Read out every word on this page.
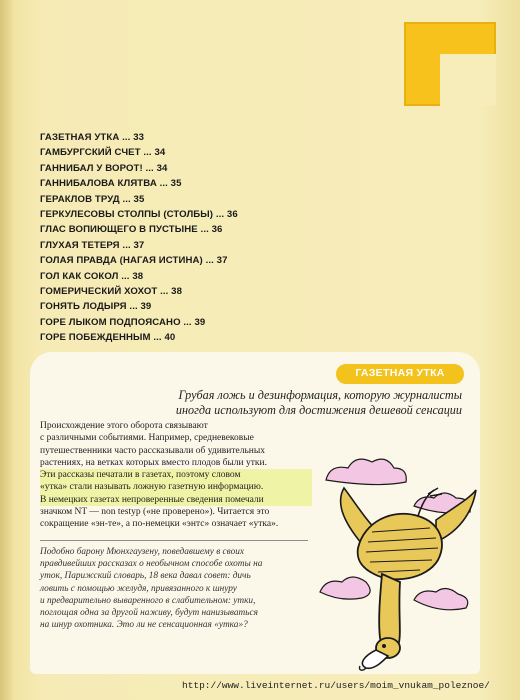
ГАЗЕТНАЯ УТКА ... 33
ГАМБУРГСКИЙ СЧЕТ ... 34
ГАННИБАЛ У ВОРОТ! ... 34
ГАННИБАЛОВА КЛЯТВА ... 35
ГЕРАКЛОВ ТРУД ... 35
ГЕРКУЛЕСОВЫ СТОЛПЫ (СТОЛБЫ) ... 36
ГЛАС ВОПИЮЩЕГО В ПУСТЫНЕ ... 36
ГЛУХАЯ ТЕТЕРЯ ... 37
ГОЛАЯ ПРАВДА (НАГАЯ ИСТИНА) ... 37
ГОЛ КАК СОКОЛ ... 38
ГОМЕРИЧЕСКИЙ ХОХОТ ... 38
ГОНЯТЬ ЛОДЫРЯ ... 39
ГОРЕ ЛЫКОМ ПОДПОЯСАНО ... 39
ГОРЕ ПОБЕЖДЕННЫМ ... 40
ГАЗЕТНАЯ УТКА
Грубая ложь и дезинформация, которую журналисты
иногда используют для достижения дешевой сенсации

Происхождение этого оборота связывают

с различными событиями. Например, средневековые

путешественники часто рассказывали об удивительных

растениях, на ветках которых вместо плодов были утки.

Эти рассказы печатали в газетах, поэтому словом

«утка» стали называть ложную газетную информацию.

В немецких газетах непроверенные сведения помечали

значком NT — non testyp («не проверено»). Читается это

сокращение «эн-те», а по-немецки «энтс» означает «утка».

Подобно барону Мюнхгаузену, поведавшему в своих
правдивейших рассказах о необычном способе охоты на
уток, Парижский словарь, 18 века давал совет: дичь
ловить с помощью желудя, привязанного к шнуру
и предварительно вываренного в слабительном: утки,
поглощая одна за другой наживу, будут нанизываться
на шнур охотника. Это ли не сенсационная «утка»?
http://www.liveinternet.ru/users/moim_vnukam_poleznoe/
